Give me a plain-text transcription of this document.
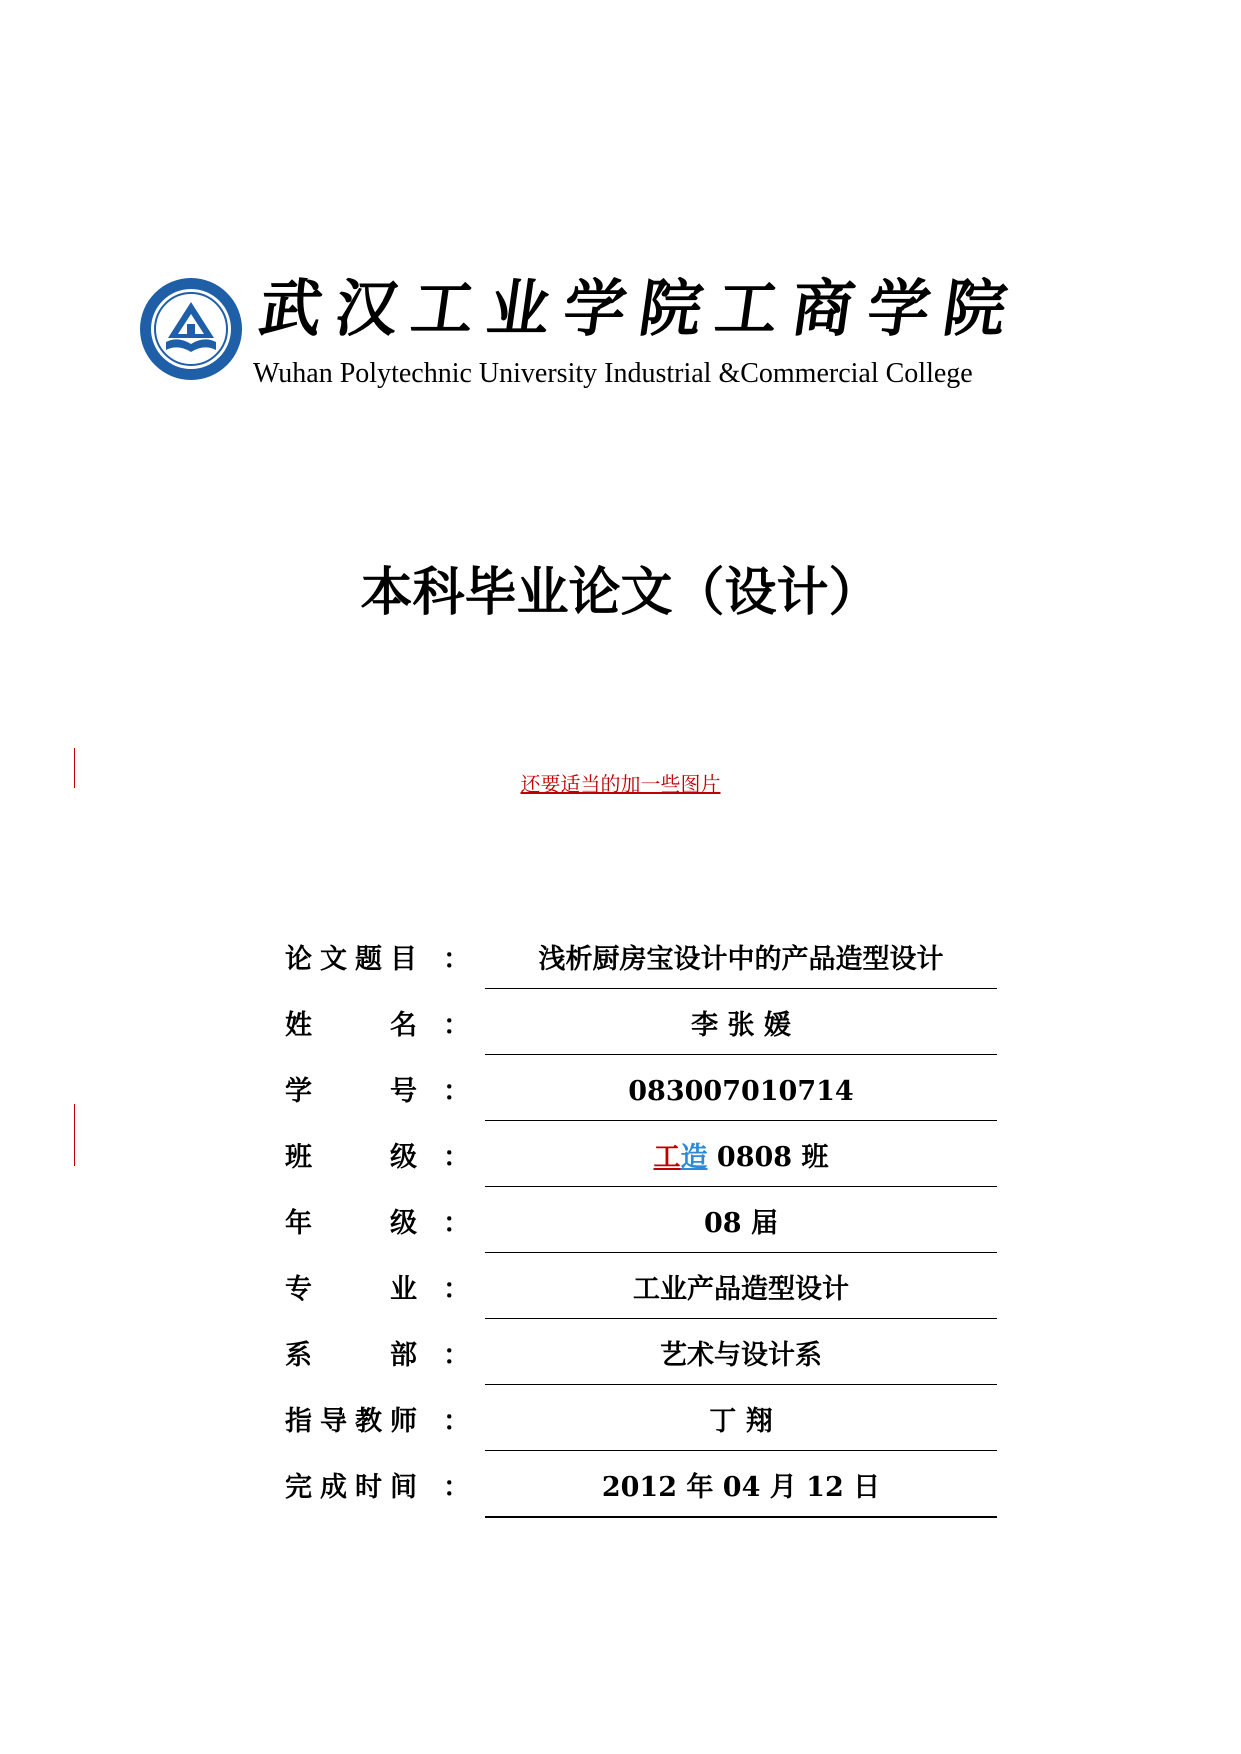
武汉工业学院工商学院
Wuhan Polytechnic University Industrial &Commercial College
本科毕业论文（设计）
还要适当的加一些图片
论 文 题 目 ：	浅析厨房宝设计中的产品造型设计
姓	名 ：	李 张 媛
学	号 ：	083007010714
班	级 ：	工造 0808 班
年	级 ：	08 届
专	业 ：	工业产品造型设计
系	部 ：	艺术与设计系
指 导 教 师 ：	丁 翔
完 成 时 间 ：	2012 年 04 月 12 日
